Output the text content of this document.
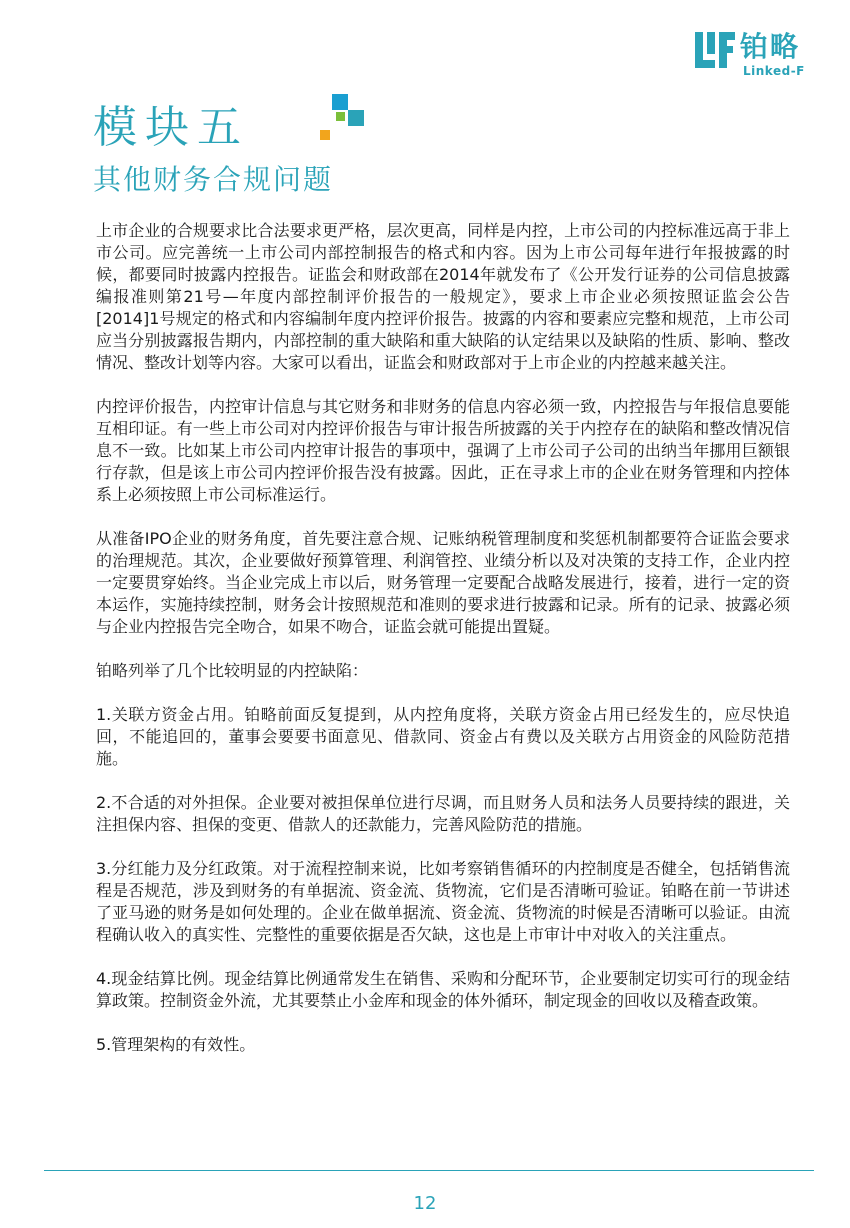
铂略
Linked-F
模块五
其他财务合规问题

上市企业的合规要求比合法要求更严格，层次更高，同样是内控，上市公司的内控标准远高于非上市公司。应完善统一上市公司内部控制报告的格式和内容。因为上市公司每年进行年报披露的时候，都要同时披露内控报告。证监会和财政部在2014年就发布了《公开发行证券的公司信息披露编报准则第21号—年度内部控制评价报告的一般规定》，要求上市企业必须按照证监会公告[2014]1号规定的格式和内容编制年度内控评价报告。披露的内容和要素应完整和规范，上市公司应当分别披露报告期内，内部控制的重大缺陷和重大缺陷的认定结果以及缺陷的性质、影响、整改情况、整改计划等内容。大家可以看出，证监会和财政部对于上市企业的内控越来越关注。

内控评价报告，内控审计信息与其它财务和非财务的信息内容必须一致，内控报告与年报信息要能互相印证。有一些上市公司对内控评价报告与审计报告所披露的关于内控存在的缺陷和整改情况信息不一致。比如某上市公司内控审计报告的事项中，强调了上市公司子公司的出纳当年挪用巨额银行存款，但是该上市公司内控评价报告没有披露。因此，正在寻求上市的企业在财务管理和内控体系上必须按照上市公司标准运行。

从准备IPO企业的财务角度，首先要注意合规、记账纳税管理制度和奖惩机制都要符合证监会要求的治理规范。其次，企业要做好预算管理、利润管控、业绩分析以及对决策的支持工作，企业内控一定要贯穿始终。当企业完成上市以后，财务管理一定要配合战略发展进行，接着，进行一定的资本运作，实施持续控制，财务会计按照规范和准则的要求进行披露和记录。所有的记录、披露必须与企业内控报告完全吻合，如果不吻合，证监会就可能提出置疑。

铂略列举了几个比较明显的内控缺陷：

1.关联方资金占用。铂略前面反复提到，从内控角度将，关联方资金占用已经发生的，应尽快追回，不能追回的，董事会要要书面意见、借款同、资金占有费以及关联方占用资金的风险防范措施。

2.不合适的对外担保。企业要对被担保单位进行尽调，而且财务人员和法务人员要持续的跟进，关注担保内容、担保的变更、借款人的还款能力，完善风险防范的措施。

3.分红能力及分红政策。对于流程控制来说，比如考察销售循环的内控制度是否健全，包括销售流程是否规范，涉及到财务的有单据流、资金流、货物流，它们是否清晰可验证。铂略在前一节讲述了亚马逊的财务是如何处理的。企业在做单据流、资金流、货物流的时候是否清晰可以验证。由流程确认收入的真实性、完整性的重要依据是否欠缺，这也是上市审计中对收入的关注重点。

4.现金结算比例。现金结算比例通常发生在销售、采购和分配环节，企业要制定切实可行的现金结算政策。控制资金外流，尤其要禁止小金库和现金的体外循环，制定现金的回收以及稽查政策。

5.管理架构的有效性。

12
